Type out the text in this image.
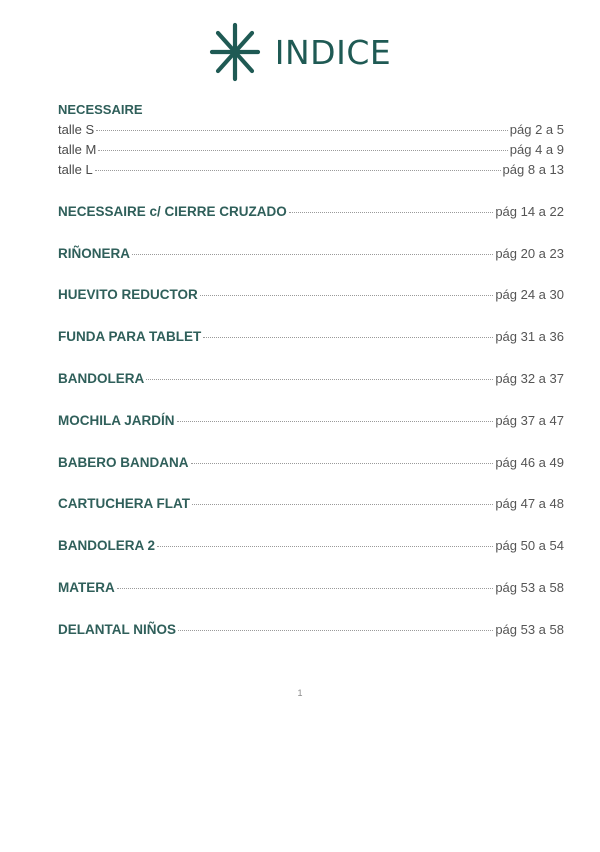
INDICE
NECESSAIRE
talle S	pág 2 a 5
talle M	pág 4 a 9
talle L	pág 8 a 13
NECESSAIRE c/ CIERRE CRUZADO	pág 14 a 22
RIÑONERA	pág 20 a 23
HUEVITO REDUCTOR	pág 24 a 30
FUNDA PARA TABLET	pág 31 a 36
BANDOLERA	pág 32 a 37
MOCHILA JARDÍN	pág 37 a 47
BABERO BANDANA	pág 46 a 49
CARTUCHERA FLAT	pág 47 a 48
BANDOLERA 2	pág 50 a 54
MATERA	pág 53 a 58
DELANTAL NIÑOS	pág 53 a 58
1
